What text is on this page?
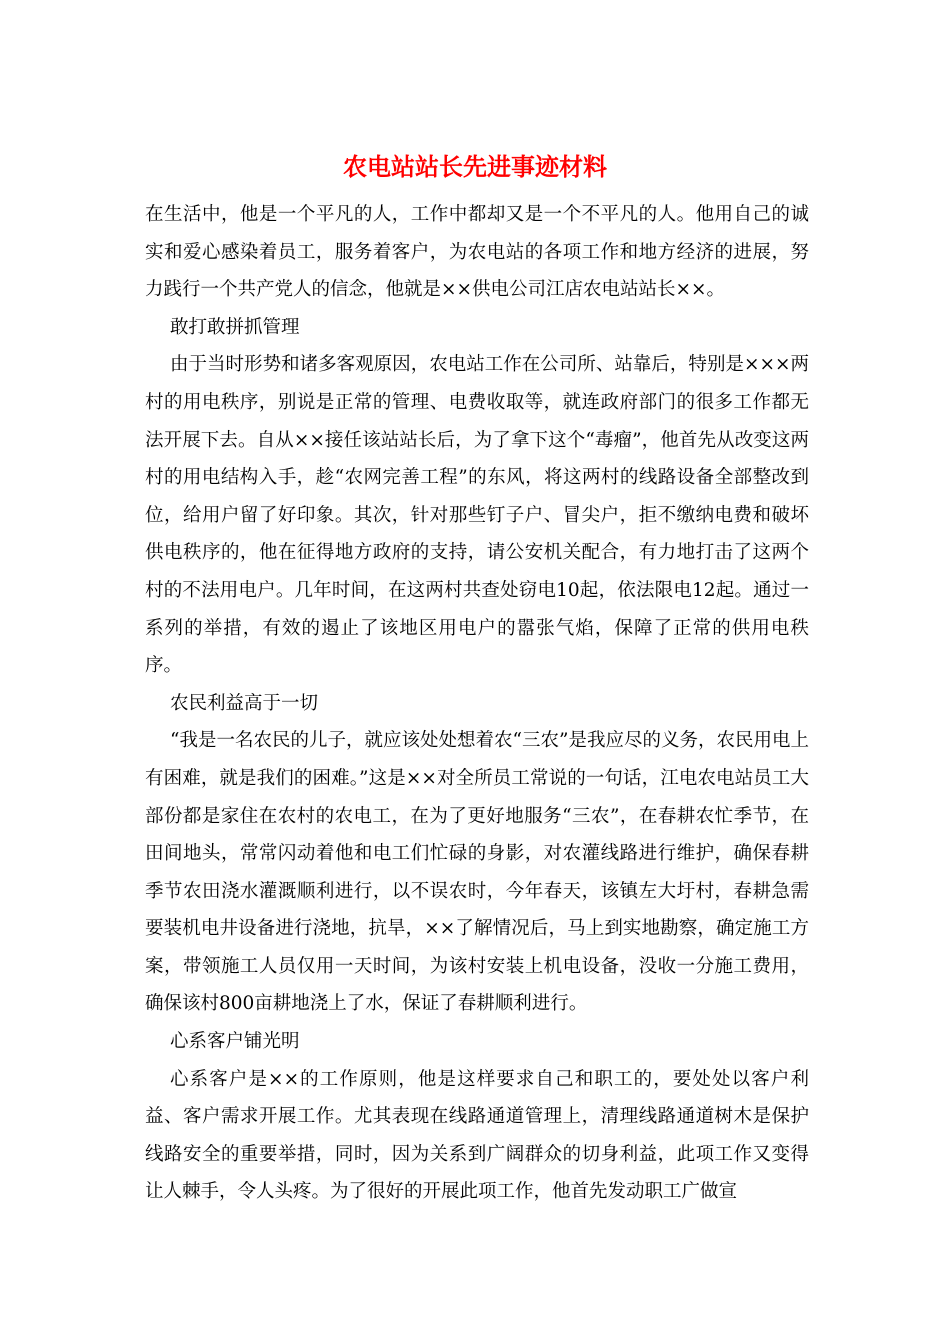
农电站站长先进事迹材料

在生活中，他是一个平凡的人，工作中都却又是一个不平凡的人。他用自己的诚实和爱心感染着员工，服务着客户，为农电站的各项工作和地方经济的进展，努力践行一个共产党人的信念，他就是××供电公司江店农电站站长××。

敢打敢拼抓管理

由于当时形势和诸多客观原因，农电站工作在公司所、站靠后，特别是×××两村的用电秩序，别说是正常的管理、电费收取等，就连政府部门的很多工作都无法开展下去。自从××接任该站站长后，为了拿下这个“毒瘤”，他首先从改变这两村的用电结构入手，趁“农网完善工程”的东风，将这两村的线路设备全部整改到位，给用户留了好印象。其次，针对那些钉子户、冒尖户，拒不缴纳电费和破坏供电秩序的，他在征得地方政府的支持，请公安机关配合，有力地打击了这两个村的不法用电户。几年时间，在这两村共查处窃电10起，依法限电12起。通过一系列的举措，有效的遏止了该地区用电户的嚣张气焰，保障了正常的供用电秩序。

农民利益高于一切

“我是一名农民的儿子，就应该处处想着农“三农”是我应尽的义务，农民用电上有困难，就是我们的困难。”这是××对全所员工常说的一句话，江电农电站员工大部份都是家住在农村的农电工，在为了更好地服务“三农”，在春耕农忙季节，在田间地头，常常闪动着他和电工们忙碌的身影，对农灌线路进行维护，确保春耕季节农田浇水灌溉顺利进行，以不误农时，今年春天，该镇左大圩村，春耕急需要装机电井设备进行浇地，抗旱，××了解情况后，马上到实地勘察，确定施工方案，带领施工人员仅用一天时间，为该村安装上机电设备，没收一分施工费用，确保该村800亩耕地浇上了水，保证了春耕顺利进行。

心系客户铺光明

心系客户是××的工作原则，他是这样要求自己和职工的，要处处以客户利益、客户需求开展工作。尤其表现在线路通道管理上，清理线路通道树木是保护线路安全的重要举措，同时，因为关系到广阔群众的切身利益，此项工作又变得让人棘手，令人头疼。为了很好的开展此项工作，他首先发动职工广做宣
